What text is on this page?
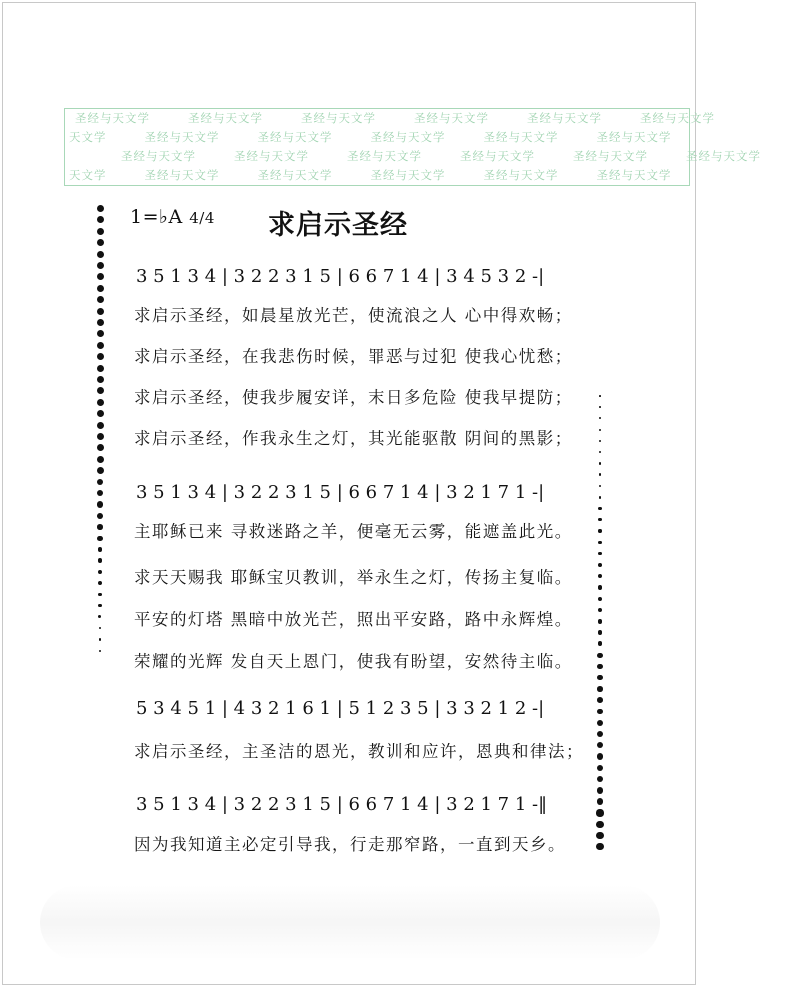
圣经与天文学	圣经与天文学	圣经与天文学	圣经与天文学	圣经与天文学	圣经与天文学
天文学	圣经与天文学	圣经与天文学	圣经与天文学	圣经与天文学	圣经与天文学
圣经与天文学	圣经与天文学	圣经与天文学	圣经与天文学	圣经与天文学	圣经与天文学
天文学	圣经与天文学	圣经与天文学	圣经与天文学	圣经与天文学	圣经与天文学
1=♭A 4/4 求启示圣经
3 5 1 3 4 | 3 2 2 3 1 5 | 6 6 7 1 4 | 3 4 5 3 2 -|
求启示圣经，如晨星放光芒，使流浪之人 心中得欢畅；
求启示圣经，在我悲伤时候，罪恶与过犯 使我心忧愁；
求启示圣经，使我步履安详，末日多危险 使我早提防；
求启示圣经，作我永生之灯，其光能驱散 阴间的黑影；
3 5 1 3 4 | 3 2 2 3 1 5 | 6 6 7 1 4 | 3 2 1 7 1 -|
主耶稣已来 寻救迷路之羊，便毫无云雾，能遮盖此光。
求天天赐我 耶稣宝贝教训，举永生之灯，传扬主复临。
平安的灯塔 黑暗中放光芒，照出平安路，路中永辉煌。
荣耀的光辉 发自天上恩门，使我有盼望，安然待主临。
5 3 4 5 1 | 4 3 2 1 6 1 | 5 1 2 3 5 | 3 3 2 1 2 -|
求启示圣经，主圣洁的恩光，教训和应许，恩典和律法；
3 5 1 3 4 | 3 2 2 3 1 5 | 6 6 7 1 4 | 3 2 1 7 1 -‖
因为我知道主必定引导我，行走那窄路，一直到天乡。
